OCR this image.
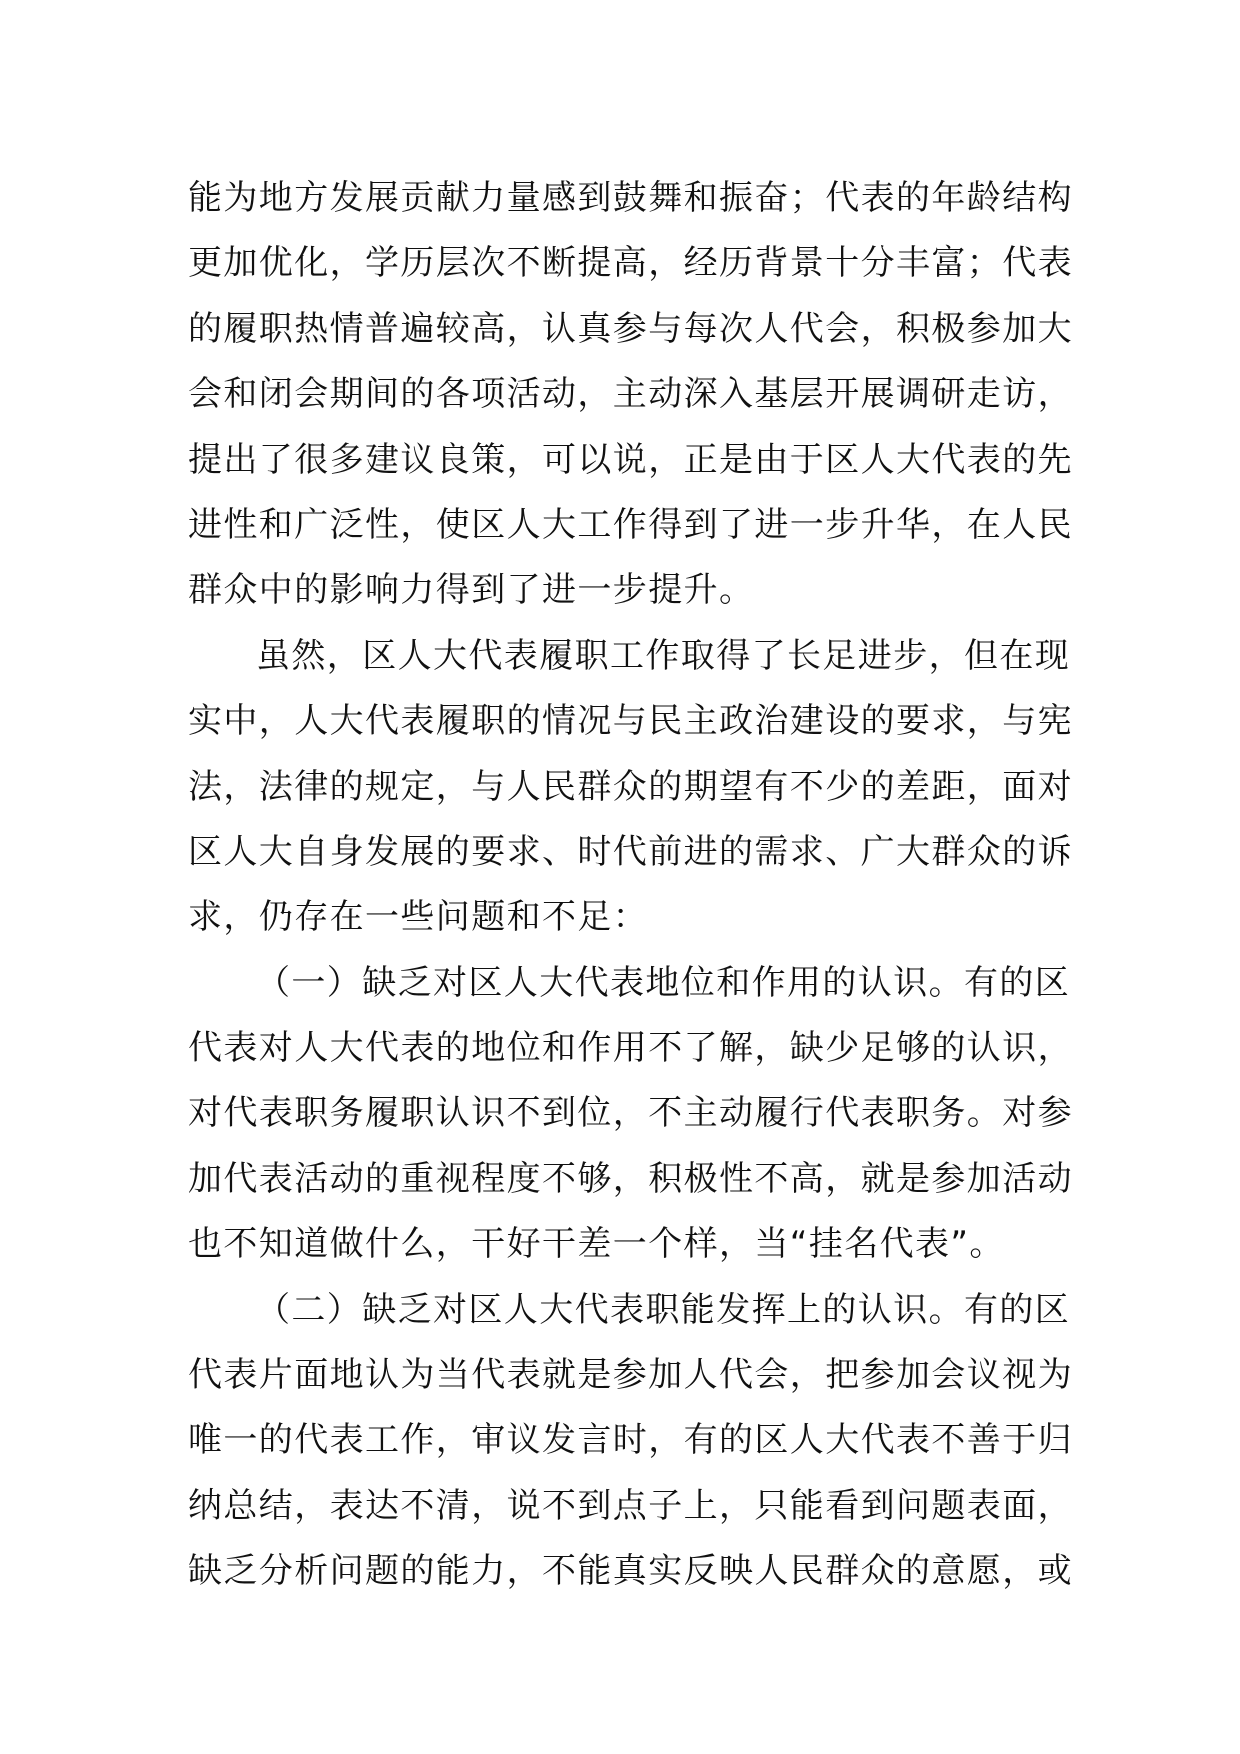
能为地方发展贡献力量感到鼓舞和振奋；代表的年龄结构
更加优化，学历层次不断提高，经历背景十分丰富；代表
的履职热情普遍较高，认真参与每次人代会，积极参加大
会和闭会期间的各项活动，主动深入基层开展调研走访，
提出了很多建议良策，可以说，正是由于区人大代表的先
进性和广泛性，使区人大工作得到了进一步升华，在人民
群众中的影响力得到了进一步提升。
虽然，区人大代表履职工作取得了长足进步，但在现
实中，人大代表履职的情况与民主政治建设的要求，与宪
法，法律的规定，与人民群众的期望有不少的差距，面对
区人大自身发展的要求、时代前进的需求、广大群众的诉
求，仍存在一些问题和不足：
（一）缺乏对区人大代表地位和作用的认识。有的区
代表对人大代表的地位和作用不了解，缺少足够的认识，
对代表职务履职认识不到位，不主动履行代表职务。对参
加代表活动的重视程度不够，积极性不高，就是参加活动
也不知道做什么，干好干差一个样，当“挂名代表”。
（二）缺乏对区人大代表职能发挥上的认识。有的区
代表片面地认为当代表就是参加人代会，把参加会议视为
唯一的代表工作，审议发言时，有的区人大代表不善于归
纳总结，表达不清，说不到点子上，只能看到问题表面，
缺乏分析问题的能力，不能真实反映人民群众的意愿，或
